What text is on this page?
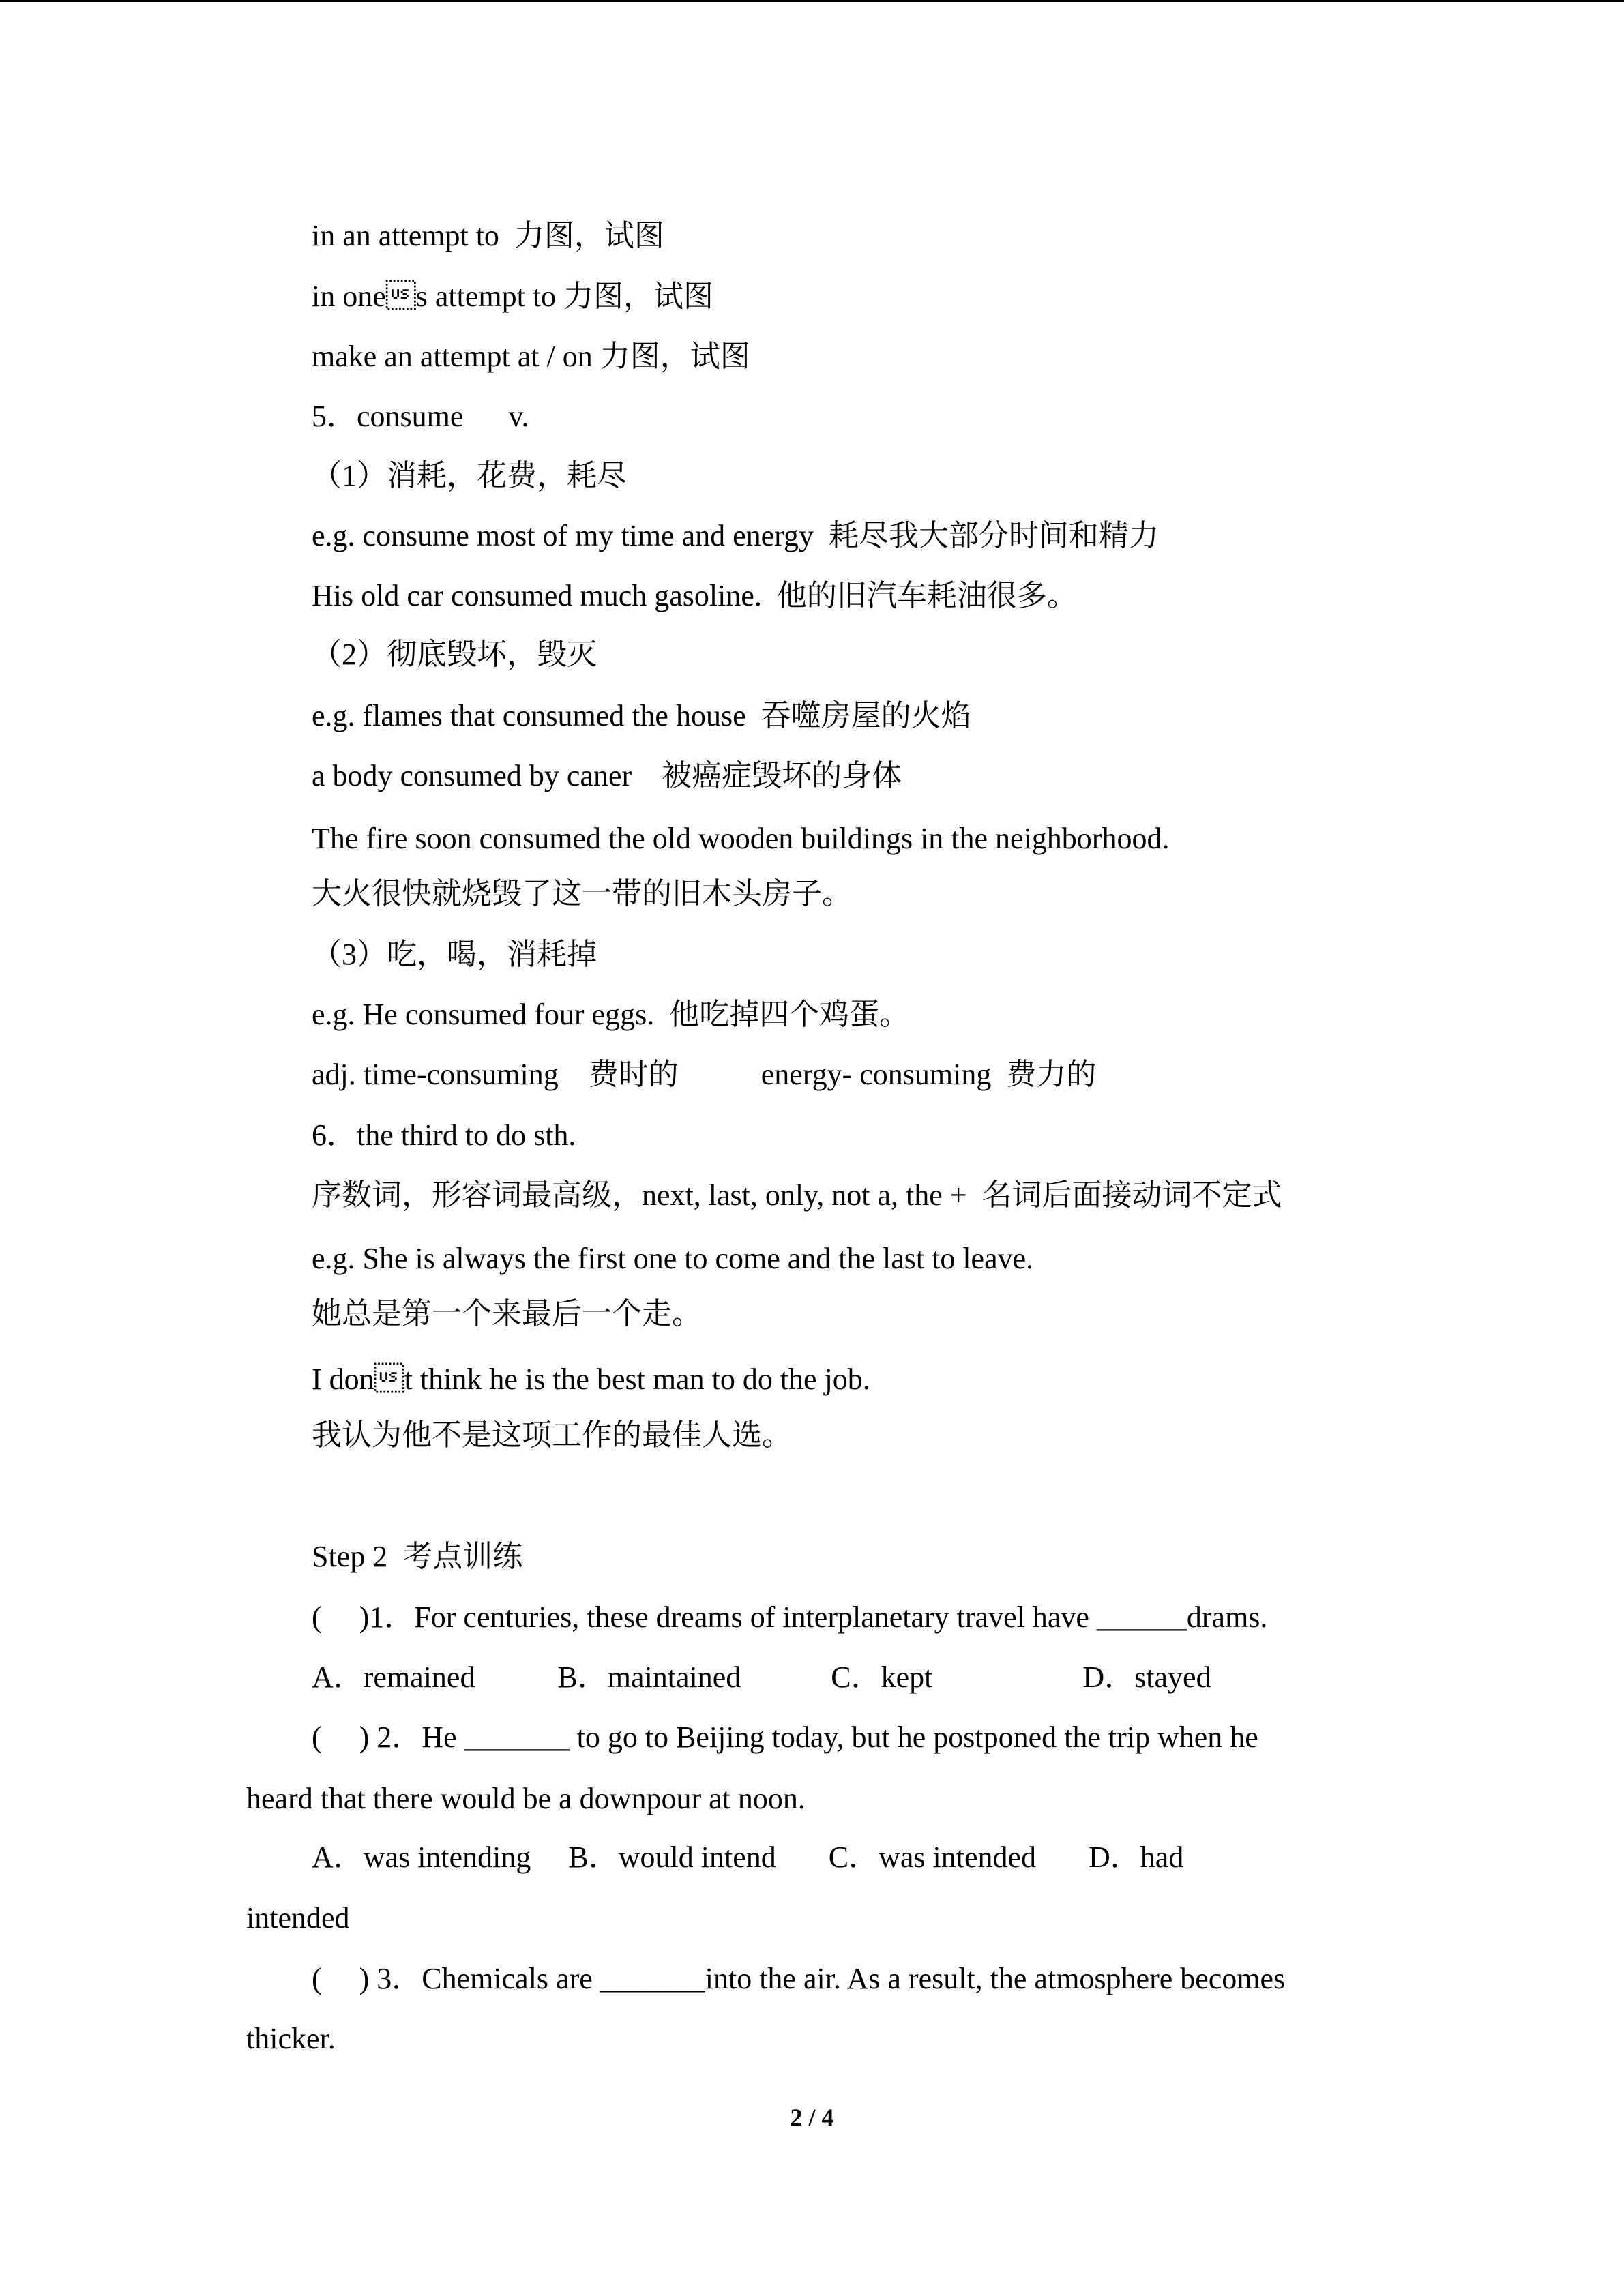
in an attempt to  力图，试图
in ones attempt to 力图，试图
make an attempt at / on 力图，试图
5．consume      v.
（1）消耗，花费，耗尽
e.g. consume most of my time and energy  耗尽我大部分时间和精力
His old car consumed much gasoline.  他的旧汽车耗油很多。
（2）彻底毁坏，毁灭
e.g. flames that consumed the house  吞噬房屋的火焰
a body consumed by caner    被癌症毁坏的身体
The fire soon consumed the old wooden buildings in the neighborhood.
大火很快就烧毁了这一带的旧木头房子。
（3）吃，喝，消耗掉
e.g. He consumed four eggs.  他吃掉四个鸡蛋。
adj. time-consuming    费时的           energy- consuming  费力的
6．the third to do sth.
序数词，形容词最高级，next, last, only, not a, the +  名词后面接动词不定式
e.g. She is always the first one to come and the last to leave.
她总是第一个来最后一个走。
I dont think he is the best man to do the job.
我认为他不是这项工作的最佳人选。
Step 2  考点训练
(     )1．For centuries, these dreams of interplanetary travel have ______drams.
A．remained           B．maintained            C．kept                    D．stayed
(     ) 2．He _______ to go to Beijing today, but he postponed the trip when he
heard that there would be a downpour at noon.
A．was intending     B．would intend       C．was intended       D．had
intended
(     ) 3．Chemicals are _______into the air. As a result, the atmosphere becomes
thicker.
2 / 4
